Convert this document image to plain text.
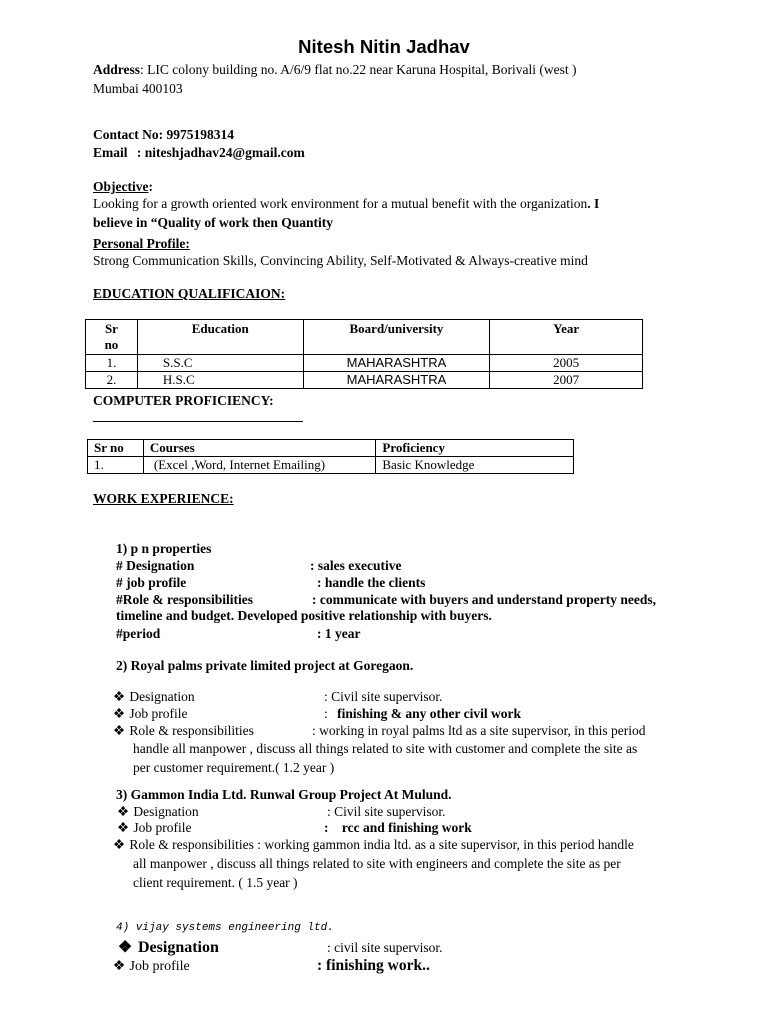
Nitesh Nitin Jadhav
Address: LIC colony building no. A/6/9 flat no.22 near Karuna Hospital, Borivali (west )
Mumbai 400103
Contact No: 9975198314
Email : niteshjadhav24@gmail.com
Objective:
Looking for a growth oriented work environment for a mutual benefit with the organization. I
believe in “Quality of work then Quantity
Personal Profile:
Strong Communication Skills, Convincing Ability, Self-Motivated & Always-creative mind
EDUCATION QUALIFICAION:
Sr
no	Education	Board/university	Year
1.	S.S.C	MAHARASHTRA	2005
2.	H.S.C	MAHARASHTRA	2007
COMPUTER PROFICIENCY:
Sr no	Courses	Proficiency
1.	(Excel ,Word, Internet Emailing)	Basic Knowledge
WORK EXPERIENCE:
1) p n properties
# Designation	: sales executive
# job profile	: handle the clients
#Role & responsibilities	: communicate with buyers and understand property needs,
timeline and budget. Developed positive relationship with buyers.
#period	: 1 year
2) Royal palms private limited project at Goregaon.
❖ Designation	: Civil site supervisor.
❖ Job profile	: finishing & any other civil work
❖ Role & responsibilities	: working in royal palms ltd as a site supervisor, in this period
handle all manpower , discuss all things related to site with customer and complete the site as
per customer requirement.( 1.2 year )
3) Gammon India Ltd. Runwal Group Project At Mulund.
❖ Designation	: Civil site supervisor.
❖ Job profile	: rcc and finishing work
❖ Role & responsibilities : working gammon india ltd. as a site supervisor, in this period handle
all manpower , discuss all things related to site with engineers and complete the site as per
client requirement. ( 1.5 year )
4) vijay systems engineering ltd.
❖ Designation	: civil site supervisor.
❖ Job profile	: finishing work..
